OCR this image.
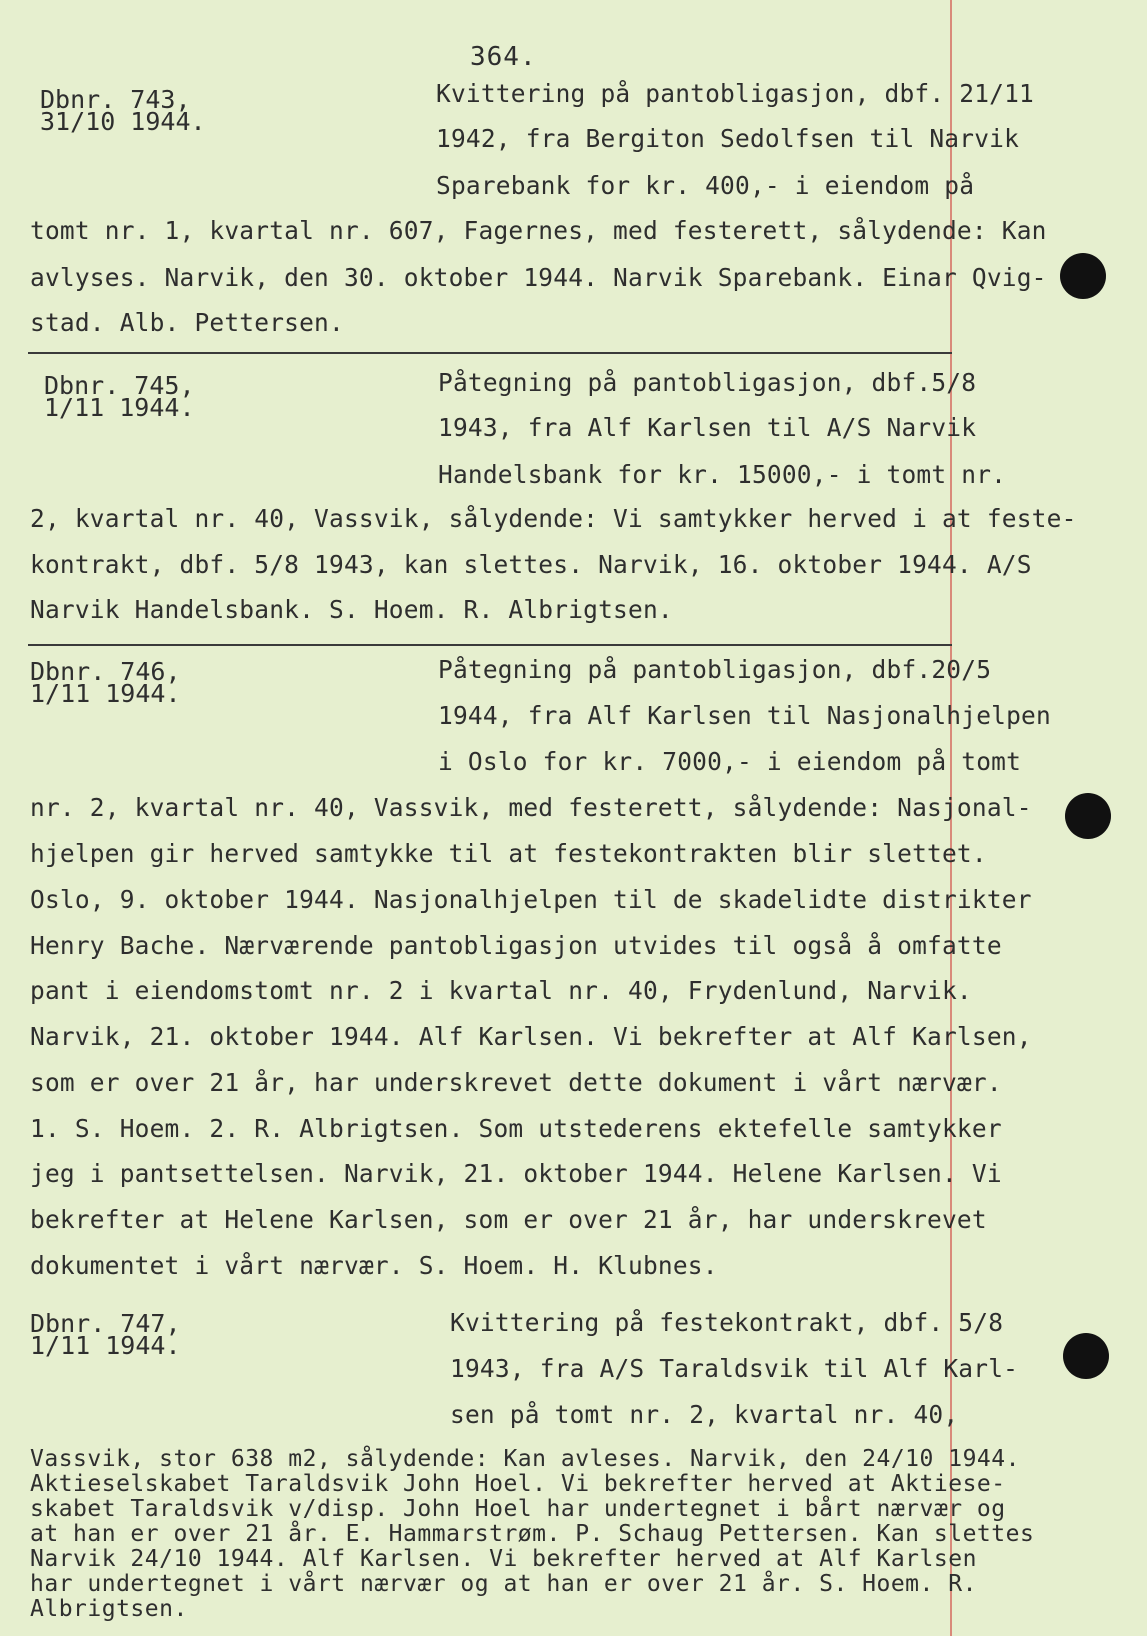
364.
Dbnr. 743,
31/10 1944.
Kvittering på pantobligasjon, dbf. 21/11
1942, fra Bergiton Sedolfsen til Narvik
Sparebank for kr. 400,- i eiendom på
tomt nr. 1, kvartal nr. 607, Fagernes, med festerett, sålydende: Kan
avlyses. Narvik, den 30. oktober 1944. Narvik Sparebank. Einar Qvig-
stad. Alb. Pettersen.
Dbnr. 745,
1/11 1944.
Påtegning på pantobligasjon, dbf.5/8
1943, fra Alf Karlsen til A/S Narvik
Handelsbank for kr. 15000,- i tomt nr.
2, kvartal nr. 40, Vassvik, sålydende: Vi samtykker herved i at feste-
kontrakt, dbf. 5/8 1943, kan slettes. Narvik, 16. oktober 1944. A/S
Narvik Handelsbank. S. Hoem. R. Albrigtsen.
Dbnr. 746,
1/11 1944.
Påtegning på pantobligasjon, dbf.20/5
1944, fra Alf Karlsen til Nasjonalhjelpen
i Oslo for kr. 7000,- i eiendom på tomt
nr. 2, kvartal nr. 40, Vassvik, med festerett, sålydende: Nasjonal-
hjelpen gir herved samtykke til at festekontrakten blir slettet.
Oslo, 9. oktober 1944. Nasjonalhjelpen til de skadelidte distrikter
Henry Bache. Nærværende pantobligasjon utvides til også å omfatte
pant i eiendomstomt nr. 2 i kvartal nr. 40, Frydenlund, Narvik.
Narvik, 21. oktober 1944. Alf Karlsen. Vi bekrefter at Alf Karlsen,
som er over 21 år, har underskrevet dette dokument i vårt nærvær.
1. S. Hoem. 2. R. Albrigtsen. Som utstederens ektefelle samtykker
jeg i pantsettelsen. Narvik, 21. oktober 1944. Helene Karlsen. Vi
bekrefter at Helene Karlsen, som er over 21 år, har underskrevet
dokumentet i vårt nærvær. S. Hoem. H. Klubnes.
Dbnr. 747,
1/11 1944.
Kvittering på festekontrakt, dbf. 5/8
1943, fra A/S Taraldsvik til Alf Karl-
sen på tomt nr. 2, kvartal nr. 40,
Vassvik, stor 638 m2, sålydende: Kan avleses. Narvik, den 24/10 1944.
Aktieselskabet Taraldsvik John Hoel. Vi bekrefter herved at Aktiese-
skabet Taraldsvik v/disp. John Hoel har undertegnet i bårt nærvær og
at han er over 21 år. E. Hammarstrøm. P. Schaug Pettersen. Kan slettes
Narvik 24/10 1944. Alf Karlsen. Vi bekrefter herved at Alf Karlsen
har undertegnet i vårt nærvær og at han er over 21 år. S. Hoem. R.
Albrigtsen.
